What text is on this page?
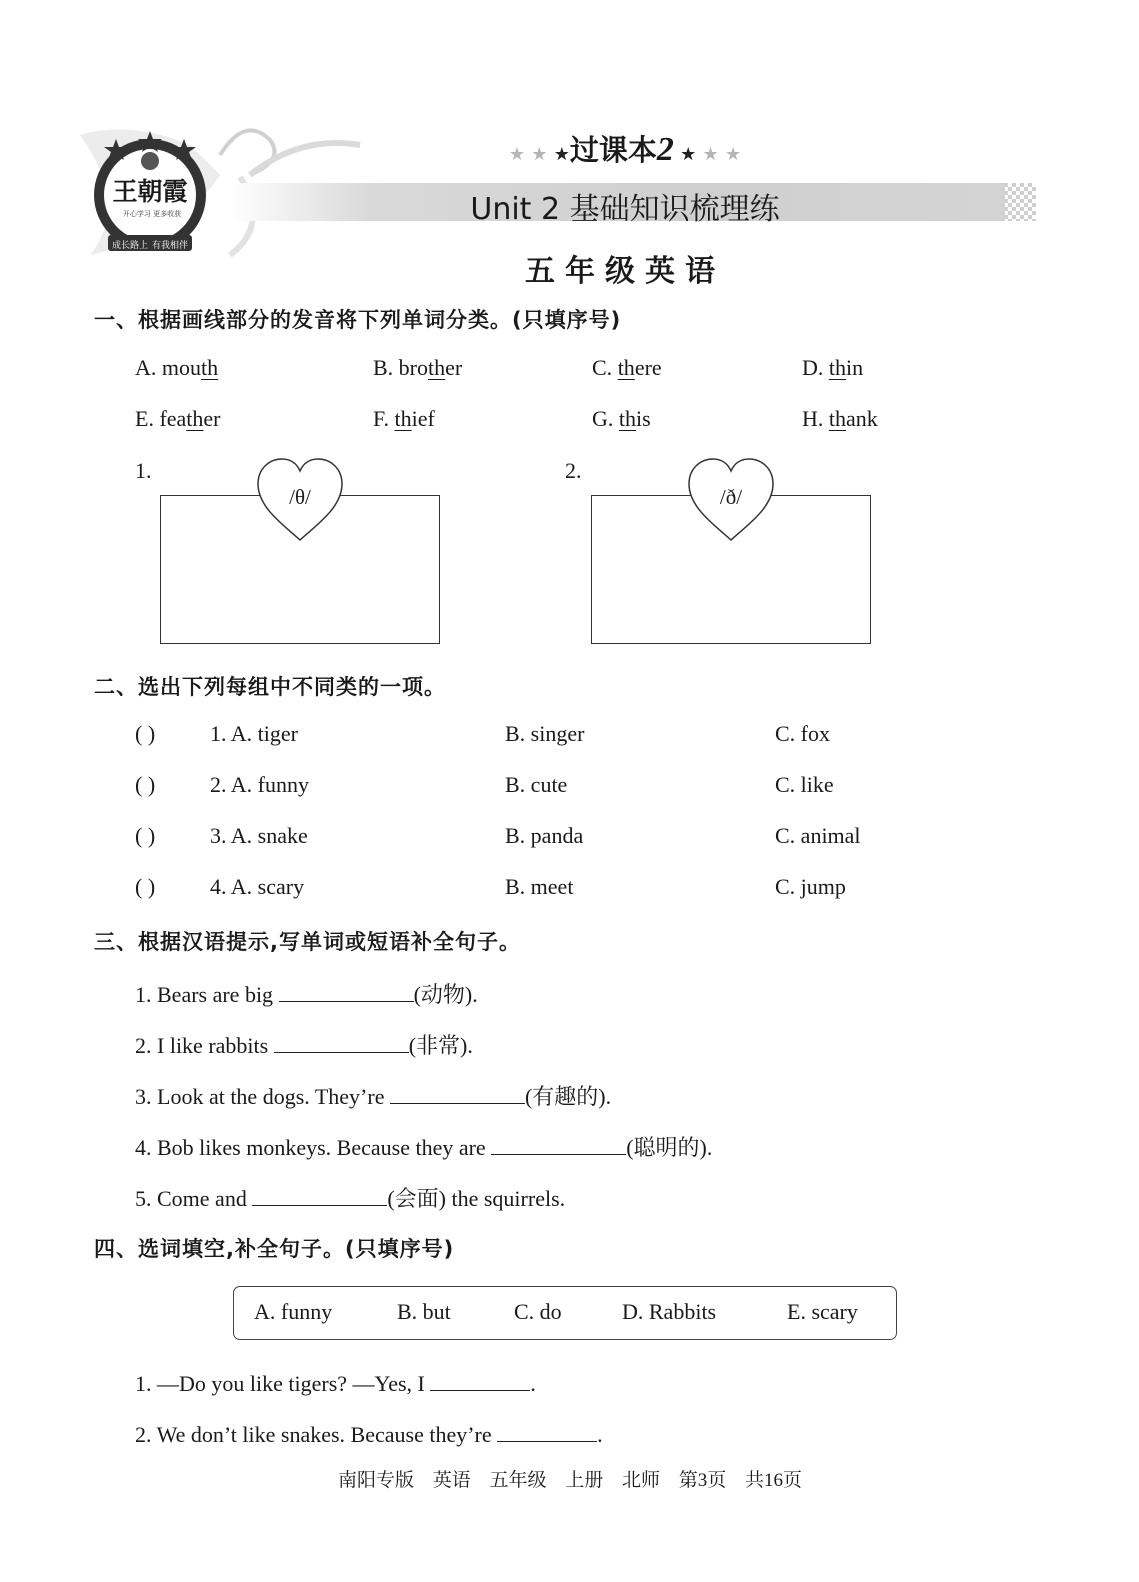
王朝霞
开心学习 更多收获
成长路上 有我相伴
★ ★ ★过课本2 ★ ★ ★
Unit 2 基础知识梳理练
五年级英语
一、根据画线部分的发音将下列单词分类。(只填序号)
A. mouth	B. brother	C. there	D. thin
E. feather	F. thief	G. this	H. thank
1.
/θ/
2.
/ð/
二、选出下列每组中不同类的一项。
( ) 1. A. tiger	B. singer	C. fox
( ) 2. A. funny	B. cute	C. like
( ) 3. A. snake	B. panda	C. animal
( ) 4. A. scary	B. meet	C. jump
三、根据汉语提示,写单词或短语补全句子。
1. Bears are big	(动物).
2. I like rabbits	(非常).
3. Look at the dogs. They’re	(有趣的).
4. Bob likes monkeys. Because they are	(聪明的).
5. Come and	(会面) the squirrels.
四、选词填空,补全句子。(只填序号)
A. funny	B. but	C. do	D. Rabbits	E. scary
1. —Do you like tigers? —Yes, I	.
2. We don’t like snakes. Because they’re	.
南阳专版 英语 五年级 上册 北师 第3页 共16页
